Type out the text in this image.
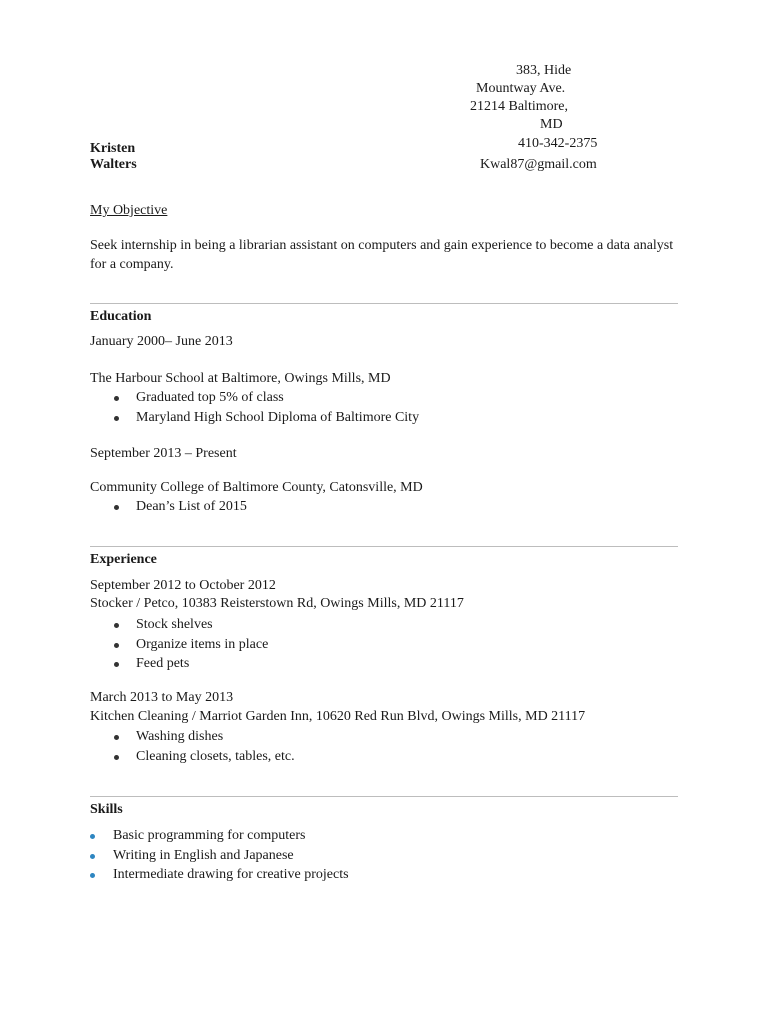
383, Hide
Mountway Ave.
21214 Baltimore,
MD
410-342-2375
Kwal87@gmail.com
Kristen
Walters
My Objective
Seek internship in being a librarian assistant on computers and gain experience to become a data analyst for a company.
Education
January 2000– June 2013
The Harbour School at Baltimore, Owings Mills, MD
Graduated top 5% of class
Maryland High School Diploma of Baltimore City
September 2013 – Present
Community College of Baltimore County, Catonsville, MD
Dean’s List of 2015
Experience
September 2012 to October 2012
Stocker / Petco, 10383 Reisterstown Rd, Owings Mills, MD 21117
Stock shelves
Organize items in place
Feed pets
March 2013 to May 2013
Kitchen Cleaning / Marriot Garden Inn, 10620 Red Run Blvd, Owings Mills, MD 21117
Washing dishes
Cleaning closets, tables, etc.
Skills
Basic programming for computers
Writing in English and Japanese
Intermediate drawing for creative projects
